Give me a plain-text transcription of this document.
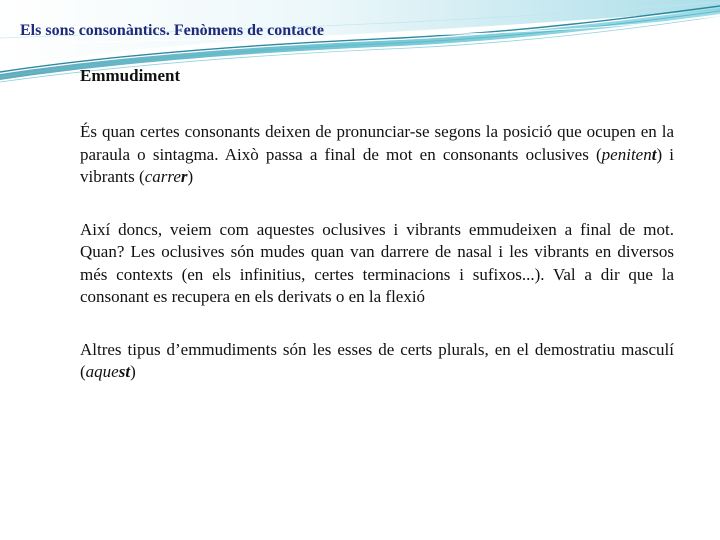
Els sons consonàntics. Fenòmens de contacte
Emmudiment

És quan certes consonants deixen de pronunciar-se segons la posició que ocupen en la paraula o sintagma. Això passa a final de mot en consonants oclusives (penitent) i vibrants (carrer)

Així doncs, veiem com aquestes oclusives i vibrants emmudeixen a final de mot. Quan? Les oclusives són mudes quan van darrere de nasal i les vibrants en diversos més contexts (en els infinitius, certes terminacions i sufixos...). Val a dir que la consonant es recupera en els derivats o en la flexió

Altres tipus d’emmudiments són les esses de certs plurals, en el demostratiu masculí (aquest)
